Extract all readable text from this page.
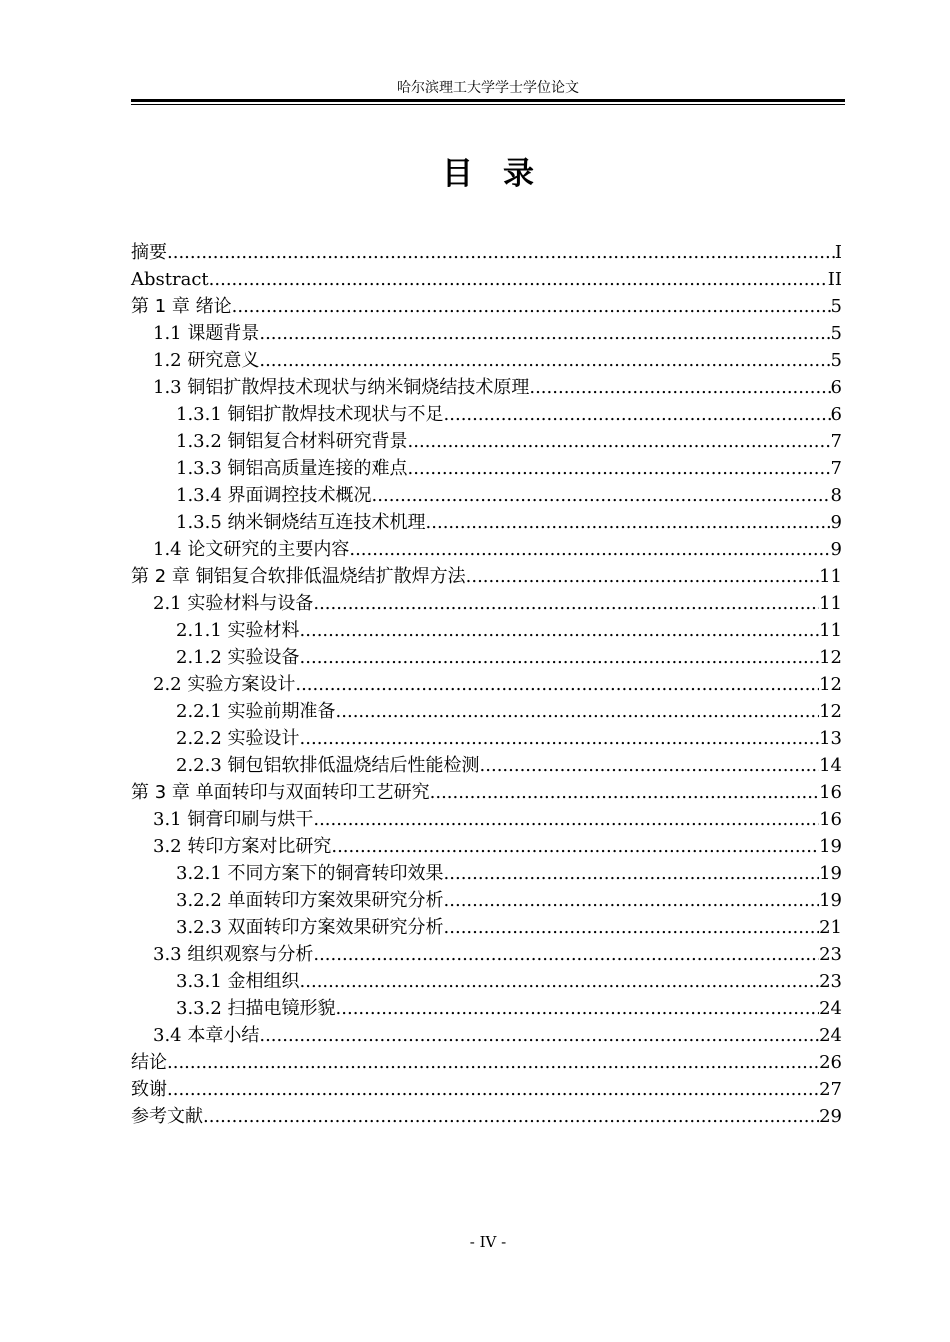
哈尔滨理工大学学士学位论文
目 录
摘要 .....	I
Abstract .....	II
第 1 章 绪论 .....	5
1.1 课题背景 .....	5
1.2 研究意义 .....	5
1.3 铜铝扩散焊技术现状与纳米铜烧结技术原理 .....	6
1.3.1 铜铝扩散焊技术现状与不足 .....	6
1.3.2 铜铝复合材料研究背景 .....	7
1.3.3 铜铝高质量连接的难点 .....	7
1.3.4 界面调控技术概况 .....	8
1.3.5 纳米铜烧结互连技术机理 .....	9
1.4 论文研究的主要内容 .....	9
第 2 章 铜铝复合软排低温烧结扩散焊方法 .....	11
2.1 实验材料与设备 .....	11
2.1.1 实验材料 .....	11
2.1.2 实验设备 .....	12
2.2 实验方案设计 .....	12
2.2.1 实验前期准备 .....	12
2.2.2 实验设计 .....	13
2.2.3 铜包铝软排低温烧结后性能检测 .....	14
第 3 章 单面转印与双面转印工艺研究 .....	16
3.1 铜膏印刷与烘干 .....	16
3.2 转印方案对比研究 .....	19
3.2.1 不同方案下的铜膏转印效果 .....	19
3.2.2 单面转印方案效果研究分析 .....	19
3.2.3 双面转印方案效果研究分析 .....	21
3.3 组织观察与分析 .....	23
3.3.1 金相组织 .....	23
3.3.2 扫描电镜形貌 .....	24
3.4 本章小结 .....	24
结论 .....	26
致谢 .....	27
参考文献 .....	29
- IV -
